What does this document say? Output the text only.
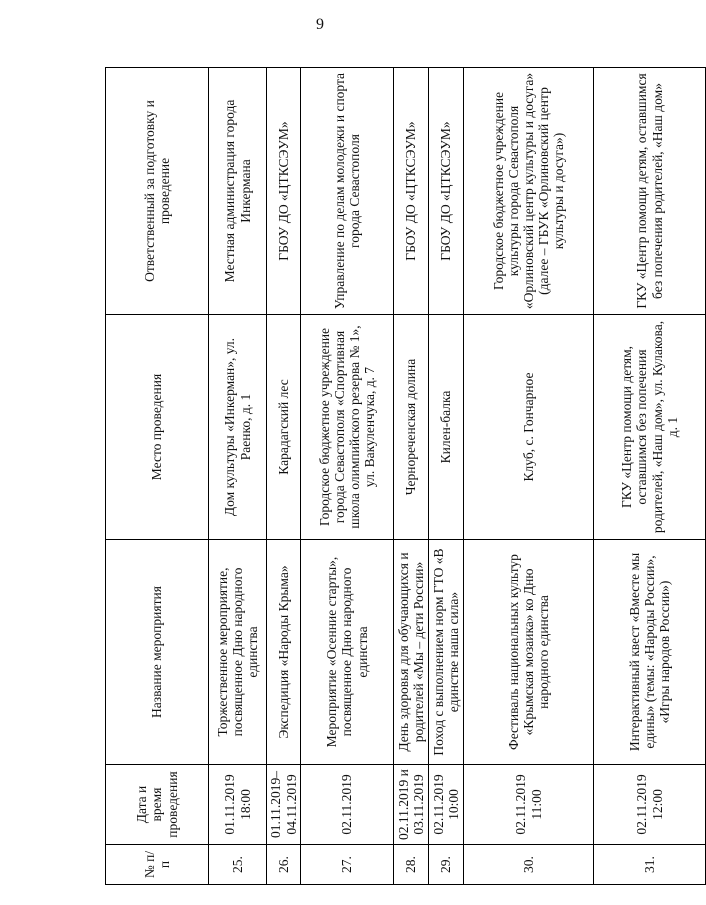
9
№ п/п	Дата и время проведения	Название мероприятия	Место проведения	Ответственный за подготовку и проведение
25.	01.11.2019 18:00	Торжественное мероприятие, посвященное Дню народного единства	Дом культуры «Инкерман», ул. Раенко, д. 1	Местная администрация города Инкермана
26.	01.11.2019–04.11.2019	Экспедиция «Народы Крыма»	Карадагский лес	ГБОУ ДО «ЦТКСЭУМ»
27.	02.11.2019	Мероприятие «Осенние старты», посвященное Дню народного единства	Городское бюджетное учреждение города Севастополя «Спортивная школа олимпийского резерва № 1», ул. Вакуленчука, д. 7	Управление по делам молодежи и спорта города Севастополя
28.	02.11.2019 и 03.11.2019	День здоровья для обучающихся и родителей «Мы – дети России»	Чернореченская долина	ГБОУ ДО «ЦТКСЭУМ»
29.	02.11.2019 10:00	Поход с выполнением норм ГТО «В единстве наша сила»	Килен-балка	ГБОУ ДО «ЦТКСЭУМ»
30.	02.11.2019 11:00	Фестиваль национальных культур «Крымская мозаика» ко Дню народного единства	Клуб, с. Гончарное	Городское бюджетное учреждение культуры города Севастополя «Орлиновский центр культуры и досуга» (далее – ГБУК «Орлиновский центр культуры и досуга»)
31.	02.11.2019 12:00	Интерактивный квест «Вместе мы едины» (темы: «Народы России», «Игры народов России»)	ГКУ «Центр помощи детям, оставшимся без попечения родителей, «Наш дом», ул. Кулакова, д. 1	ГКУ «Центр помощи детям, оставшимся без попечения родителей, «Наш дом»
